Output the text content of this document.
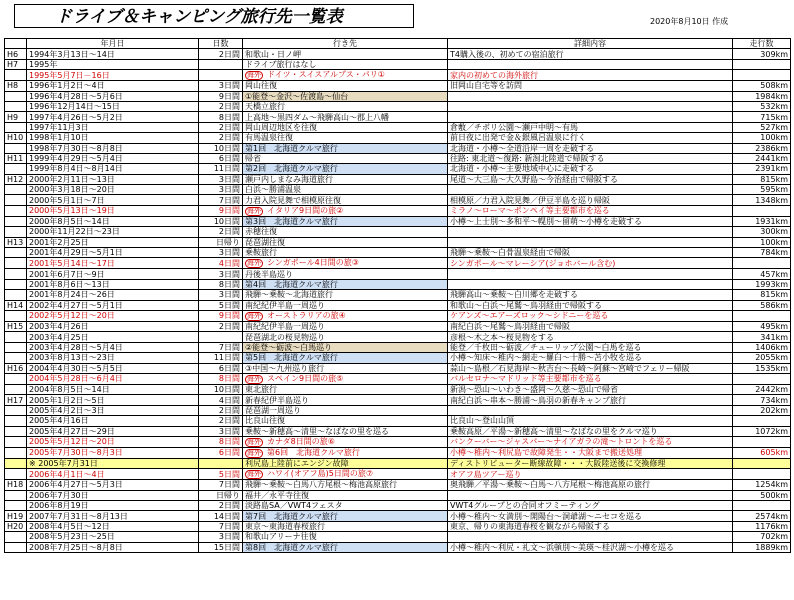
ドライブ＆キャンピング旅行先一覧表	2020年8月10日 作成
	年月日	日数	行き先	詳細内容	走行数
H6	1994年3月13日～14日	2日間	和歌山・日ノ岬	T4購入後の、初めての宿泊旅行	309km
H7	1995年		ドライブ旅行はなし		
	1995年5月7日－16日		海外 ドイツ・スイスアルプス・パリ①	家内の初めての海外旅行	
H8	1996年1月2日～4日	3日間	岡山往復	旧岡山自宅等を訪問	508km
	1996年4月28日～5月6日	9日間	①能登～金沢～佐渡島～仙台		1984km
	1996年12月14日～15日	2日間	天橋立旅行		532km
H9	1997年4月26日～5月2日	8日間	上高地～黒四ダム～飛騨高山～郡上八幡		715km
	1997年11月3日	2日間	岡山周辺地区を往復	倉敷／チボリ公園～瀬戸中明～有馬	527km
H10	1998年1月10日	2日間	有馬温泉往復	前日夜に出発で金＆銀風呂温泉に行く	100km
	1998年7月30日～8月8日	10日間	第1回　北海道クルマ旅行	北海道・小樽～全道沿岸一周を走破する	2386km
H11	1999年4月29日～5月4日	6日間	帰省	往路: 東北道～復路: 新潟北陸道で帰阪する	2441km
	1999年8月4日～8月14日	11日間	第2回　北海道クルマ旅行	北海道・小樽～主要地域中心に走破する	2391km
H12	2000年2月11日～13日	3日間	瀬戸内しまなみ海道旅行	尾道～大三島～大久野島～今治経由で帰阪する	815km
	2000年3月18日～20日	3日間	白浜～勝浦温泉		595km
	2000年5月1日～7日	7日間	力君入院見舞で相模原往復	相模原／力君入院見舞／伊豆半島を巡り帰阪	1348km
	2000年5月13日～19日	9日間	海外 イタリア9日間の旅②	ミラノ～ローマ～ポンペイ等主要都市を巡る	
	2000年8月5日～14日	10日間	第3回　北海道クルマ旅行	小樽～上士別～多和平～幌別～留萌～小樽を走破する	1931km
	2000年11月22日～23日	2日間	赤穂往復		300km
H13	2001年2月25日	日帰り	琵琶湖往復		100km
	2001年4月29日～5月1日	3日間	乗鞍旅行	飛騨～乗鞍～白骨温泉経由で帰阪	784km
	2001年5月14日～17日	4日間	海外 シンガポール4日間の旅③	シンガポール～マレーシア(ジョホバール含む)	
	2001年6月7日～9日	3日間	丹後半島巡り		457km
	2001年8月6日～13日	8日間	第4回　北海道クルマ旅行		1993km
	2001年8月24日～26日	3日間	飛騨～乗鞍～北海道旅行	飛騨高山～乗鞍～白川郷を走破する	815km
H14	2002年4月27日～5月1日	5日間	南紀紀伊半島一周巡り	和歌山～白浜～尾鷲～鳥羽経由で帰阪する	586km
	2002年5月12日～20日	9日間	海外 オーストラリアの旅④	ケアンズ～エアーズロック～シドニーを巡る	
H15	2003年4月26日	2日間	南紀紀伊半島一周巡り	南紀白浜～尾鷲～鳥羽経由で帰阪	495km
	2003年4月25日		琵琶湖北の桜見物巡り	彦根～木之本～桜見物をする	341km
	2003年4月28日～5月4日	7日間	②能登～砺波～白馬巡り	能登／千枚田～砺波／チューリップ公園～白馬を巡る	1406km
	2003年8月13日～23日	11日間	第5回　北海道クルマ旅行	小樽～知床～稚内～網走～羅臼～十勝～苫小牧を巡る	2055km
H16	2004年4月30日～5月5日	6日間	③中国～九州巡り旅行	蒜山～島根／石見海岸～秋吉台～長崎～阿蘇～宮崎でフェリー帰阪	1535km
	2004年5月28日～6月4日	8日間	海外 スペイン9日間の旅⑤	バルセロナ～マドリッド等主要都市を巡る	
	2004年8月5日～14日	10日間	東北旅行	新潟～恐山～いわき～盛岡～久慈～恐山で帰省	2442km
H17	2005年1月2日～5日	4日間	新春紀伊半島巡り	南紀白浜～串本～勝浦～鳥羽の新春キャンプ旅行	734km
	2005年4月2日～3日	2日間	琵琶湖一周巡り		202km
	2005年4月16日	2日間	比良山往復	比良山～登山山頂	
	2005年4月27日～29日	3日間	乗鞍～新穂高～清里～なばなの里を巡る	乗鞍高原／平湯～新穂高～清里～なばなの里をクルマ巡り	1072km
	2005年5月12日～20日	8日間	海外 カナダ8日間の旅⑥	バンクーバー～ジャスパー～ナイアガラの滝～トロントを巡る	
	2005年7月30日～8月3日	6日間	海外 第6回　北海道クルマ旅行	小樽～稚内～利尻島で故障発生・・大阪まで搬送処理	605km
	※ 2005年7月31日		利尻島上陸前にエンジン故障	ディストリビューター断線故障・・・大阪陸送後に交換修理	
	2006年4月1日～4日	5日間	海外 ハワイ(オアフ島)5日間の旅⑦	オアフ島ツアー巡り	
H18	2006年4月27日～5月3日	7日間	飛騨～乗鞍～白馬八方尾根～梅池高原旅行	奥飛騨／平湯～乗鞍～白馬～八方尾根～梅池高原の旅行	1254km
	2006年7月30日	日帰り	福井／永平寺往復		500km
	2006年8月19日	2日間	淡路島SA／VWT4フェスタ	VWT4グループとの合同オフミーティング	
H19	2007年7月31日～8月13日	14日間	第7回　北海道クルマ旅行	小樽～稚内～女満別～開陽台～洞爺湖～ニセコを巡る	2574km
H20	2008年4月5日～12日	7日間	東京～東海道春桜旅行	東京、帰りの東海道春桜を観ながら帰阪する	1176km
	2008年5月23日～25日	3日間	和歌山アリーナ往復		702km
	2008年7月25日～8月8日	15日間	第8回　北海道クルマ旅行	小樽～稚内～利尻・礼文～浜頓別～美瑛～桂沢湖～小樽を巡る	1889km
